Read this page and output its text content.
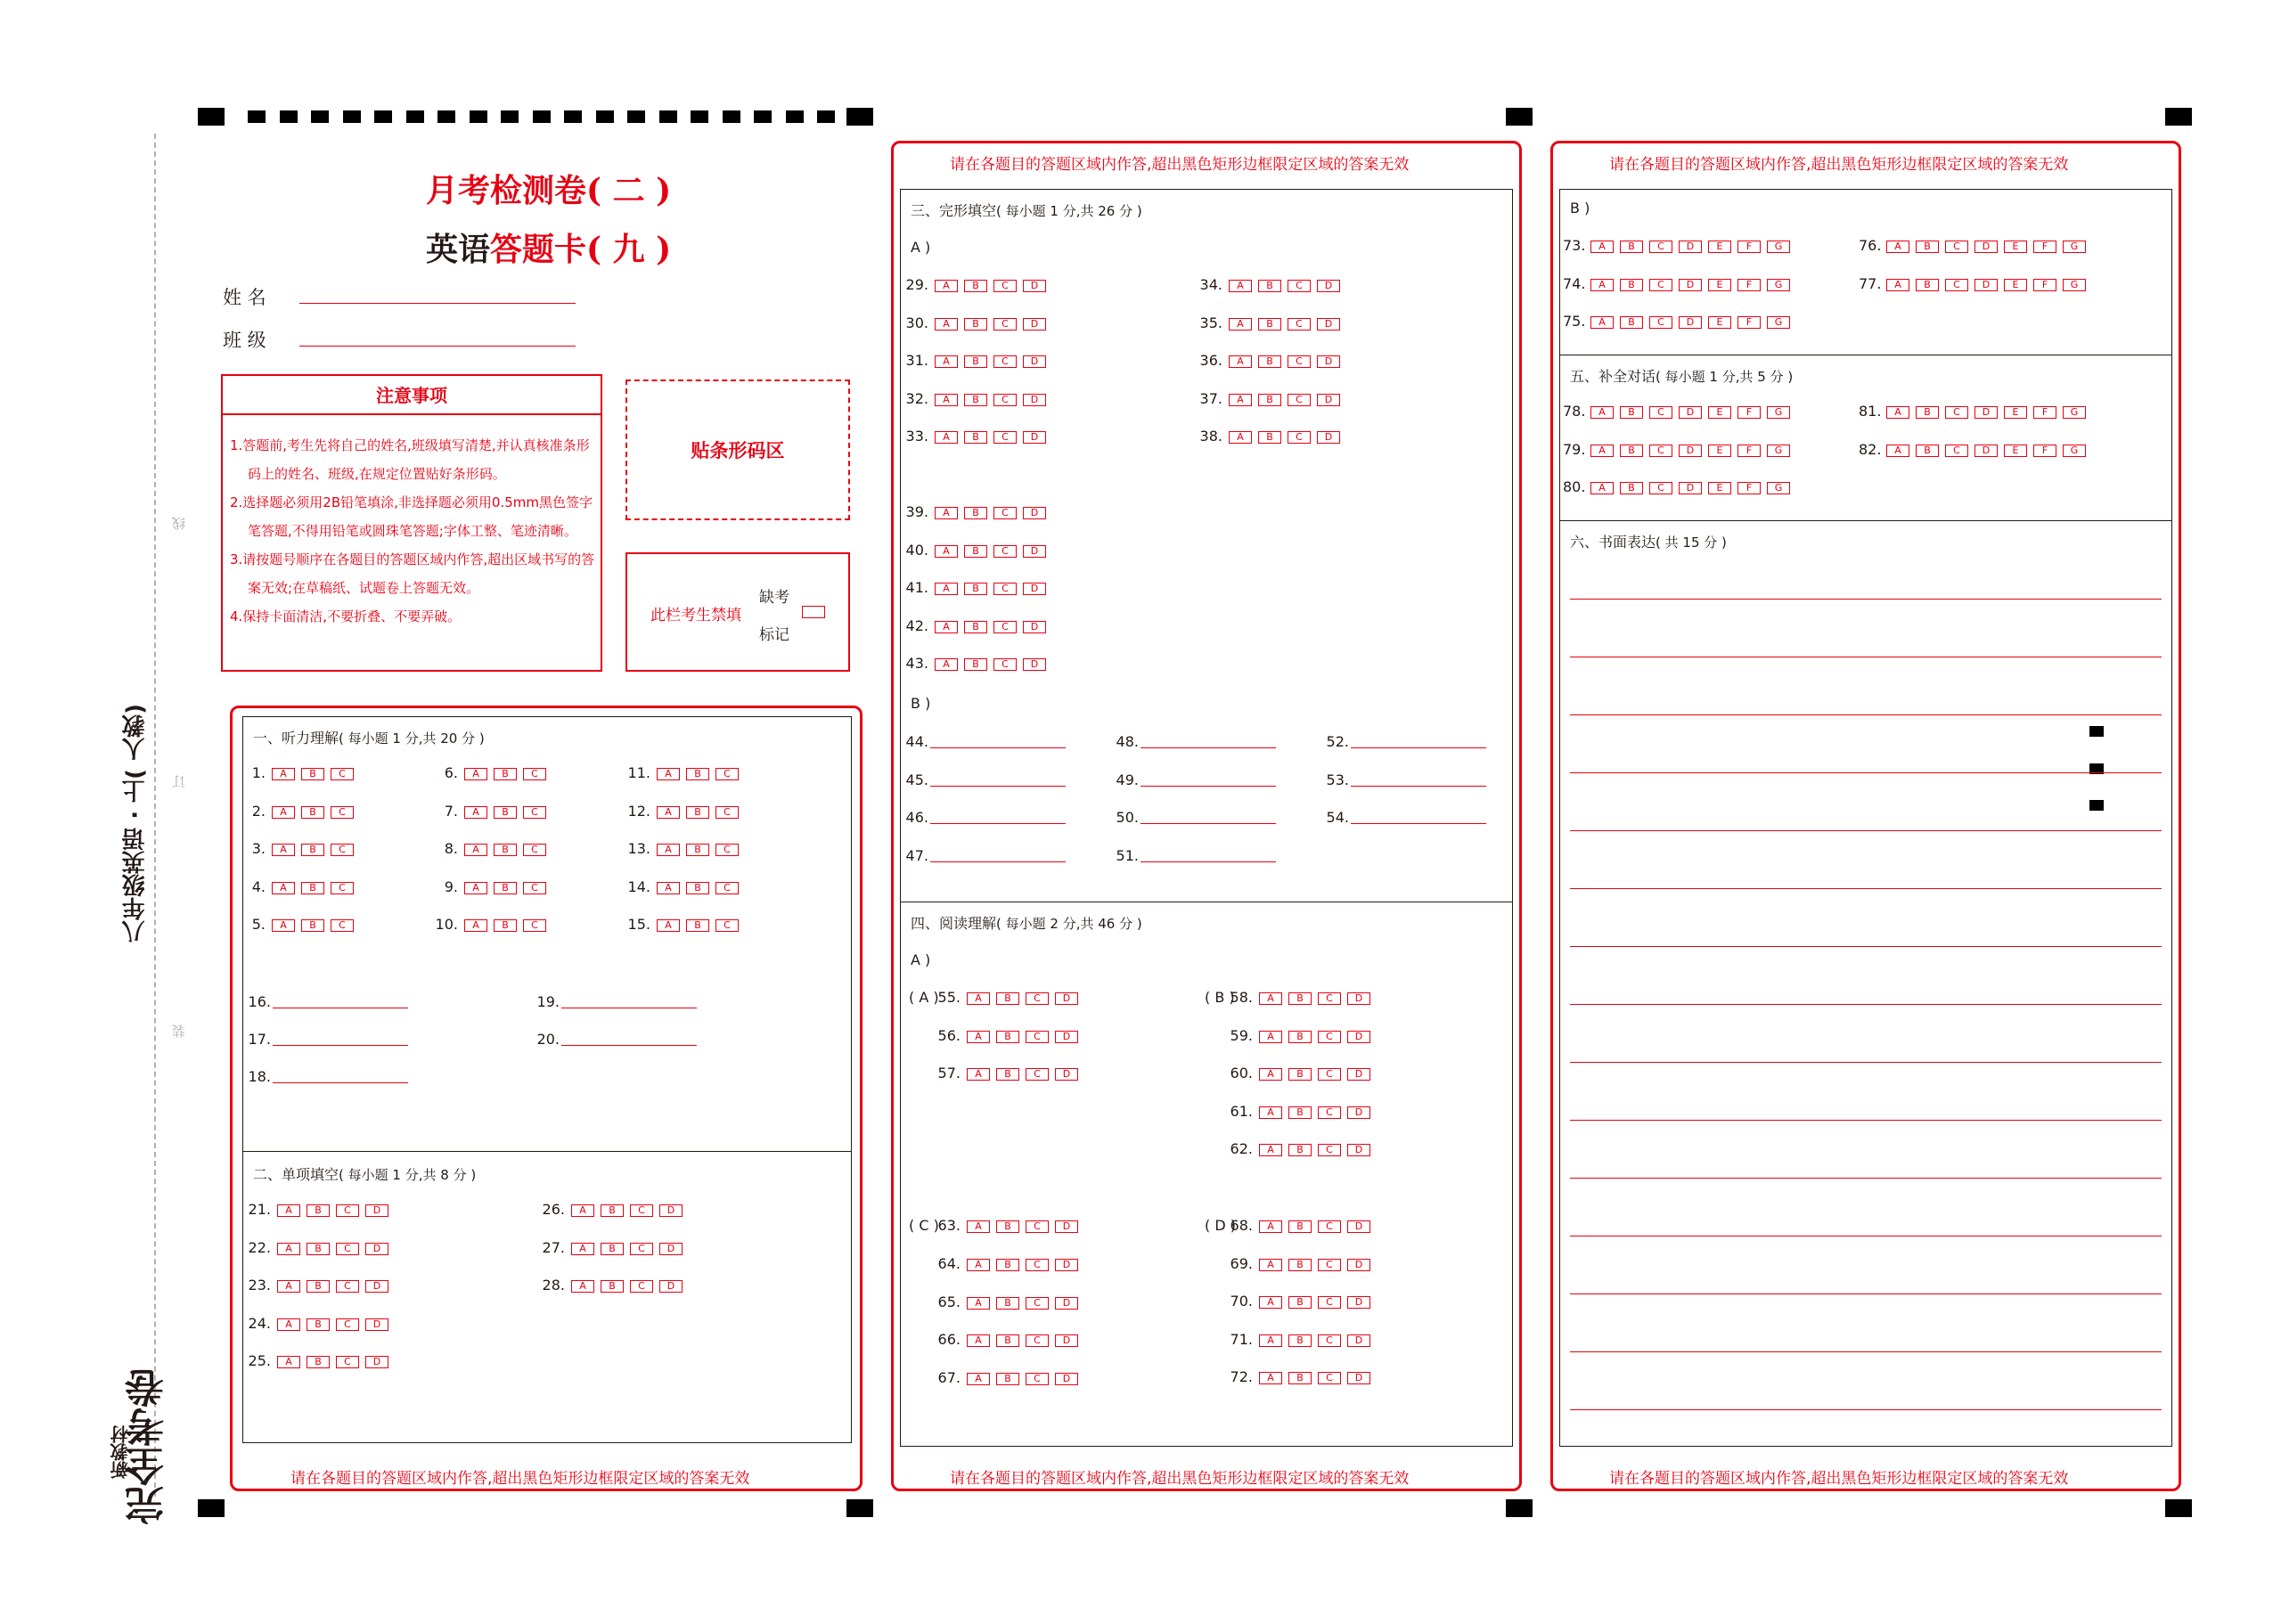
八年级英语 · 上( 人教)
完全考卷
新教材
线
订
装
月考检测卷( 二 )
英语答题卡( 九 )
姓 名
班 级
注意事项
1.答题前,考生先将自己的姓名,班级填写清楚,并认真核准条形码上的姓名、班级,在规定位置贴好条形码。
2.选择题必须用2B铅笔填涂,非选择题必须用0.5mm黑色签字笔答题,不得用铅笔或圆珠笔答题;字体工整、笔迹清晰。
3.请按题号顺序在各题目的答题区域内作答,超出区域书写的答案无效;在草稿纸、试题卷上答题无效。
4.保持卡面清洁,不要折叠、不要弄破。
贴条形码区
此栏考生禁填
缺考
标记
请在各题目的答题区域内作答,超出黑色矩形边框限定区域的答案无效
一、听力理解( 每小题 1 分,共 20 分 )
二、单项填空( 每小题 1 分,共 8 分 )
请在各题目的答题区域内作答,超出黑色矩形边框限定区域的答案无效
请在各题目的答题区域内作答,超出黑色矩形边框限定区域的答案无效
三、完形填空( 每小题 1 分,共 26 分 )
A )
B )
四、阅读理解( 每小题 2 分,共 46 分 )
A )
( A )	( B )
( C )	( D )
请在各题目的答题区域内作答,超出黑色矩形边框限定区域的答案无效
请在各题目的答题区域内作答,超出黑色矩形边框限定区域的答案无效
B )
五、补全对话( 每小题 1 分,共 5 分 )
六、书面表达( 共 15 分 )
1. A B C
2. A B C
3. A B C
4. A B C
5. A B C
6. A B C
7. A B C
8. A B C
9. A B C
10. A B C
11. A B C
12. A B C
13. A B C
14. A B C
15. A B C
16.
17.
18.
19.
20.
21. A B C D
22. A B C D
23. A B C D
24. A B C D
25. A B C D
26. A B C D
27. A B C D
28. A B C D
29. A B C D
30. A B C D
31. A B C D
32. A B C D
33. A B C D
34. A B C D
35. A B C D
36. A B C D
37. A B C D
38. A B C D
39. A B C D
40. A B C D
41. A B C D
42. A B C D
43. A B C D
44.
45.
46.
47.
48.
49.
50.
51.
52.
53.
54.
55. A B C D
56. A B C D
57. A B C D
58. A B C D
59. A B C D
60. A B C D
61. A B C D
62. A B C D
63. A B C D
64. A B C D
65. A B C D
66. A B C D
67. A B C D
68. A B C D
69. A B C D
70. A B C D
71. A B C D
72. A B C D
73. A B C D E F G
74. A B C D E F G
75. A B C D E F G
76. A B C D E F G
77. A B C D E F G
78. A B C D E F G
79. A B C D E F G
80. A B C D E F G
81. A B C D E F G
82. A B C D E F G
